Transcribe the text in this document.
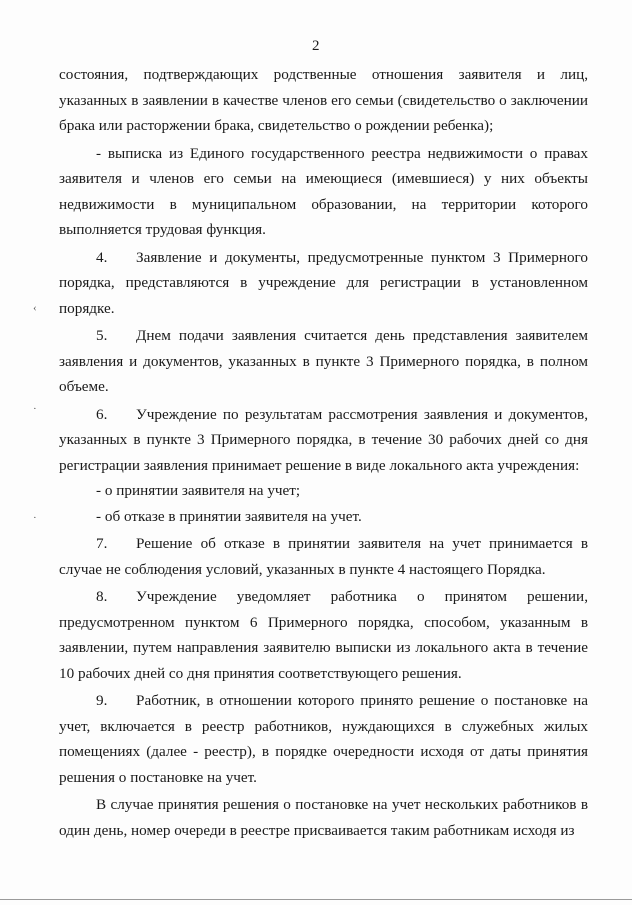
2
‹
·
·

состояния, подтверждающих родственные отношения заявителя и лиц, указанных в заявлении в качестве членов его семьи (свидетельство о заключении брака или расторжении брака, свидетельство о рождении ребенка);

- выписка из Единого государственного реестра недвижимости о правах заявителя и членов его семьи на имеющиеся (имевшиеся) у них объекты недвижимости в муниципальном образовании, на территории которого выполняется трудовая функция.

4. Заявление и документы, предусмотренные пунктом 3 Примерного порядка, представляются в учреждение для регистрации в установленном порядке.

5. Днем подачи заявления считается день представления заявителем заявления и документов, указанных в пункте 3 Примерного порядка, в полном объеме.

6. Учреждение по результатам рассмотрения заявления и документов, указанных в пункте 3 Примерного порядка, в течение 30 рабочих дней со дня регистрации заявления принимает решение в виде локального акта учреждения:

- о принятии заявителя на учет;

- об отказе в принятии заявителя на учет.

7. Решение об отказе в принятии заявителя на учет принимается в случае не соблюдения условий, указанных в пункте 4 настоящего Порядка.

8. Учреждение уведомляет работника о принятом решении, предусмотренном пунктом 6 Примерного порядка, способом, указанным в заявлении, путем направления заявителю выписки из локального акта в течение 10 рабочих дней со дня принятия соответствующего решения.

9. Работник, в отношении которого принято решение о постановке на учет, включается в реестр работников, нуждающихся в служебных жилых помещениях (далее - реестр), в порядке очередности исходя от даты принятия решения о постановке на учет.

В случае принятия решения о постановке на учет нескольких работников в один день, номер очереди в реестре присваивается таким работникам исходя из
